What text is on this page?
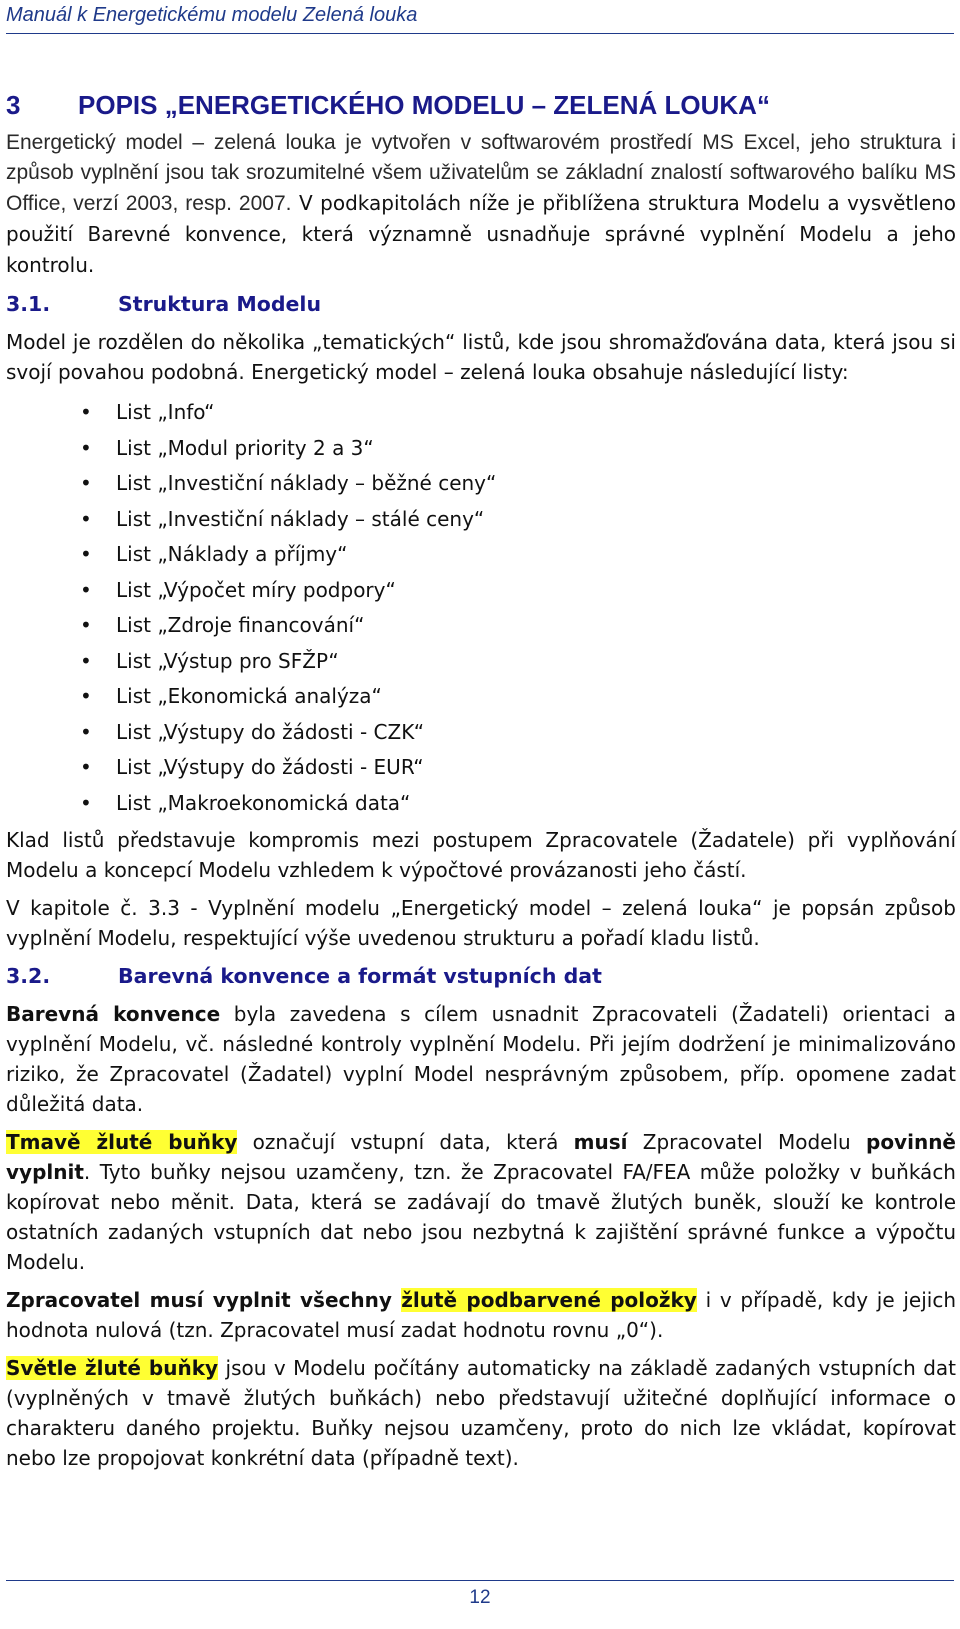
Manuál k Energetickému modelu Zelená louka
3 POPIS „ENERGETICKÉHO MODELU – ZELENÁ LOUKA“

Energetický model – zelená louka je vytvořen v softwarovém prostředí MS Excel, jeho struktura i způsob vyplnění jsou tak srozumitelné všem uživatelům se základní znalostí softwarového balíku MS Office, verzí 2003, resp. 2007. V podkapitolách níže je přiblížena struktura Modelu a vysvětleno použití Barevné konvence, která významně usnadňuje správné vyplnění Modelu a jeho kontrolu.

3.1.	Struktura Modelu

Model je rozdělen do několika „tematických“ listů, kde jsou shromažďována data, která jsou si svojí povahou podobná. Energetický model – zelená louka obsahuje následující listy:

• List „Info“
• List „Modul priority 2 a 3“
• List „Investiční náklady – běžné ceny“
• List „Investiční náklady – stálé ceny“
• List „Náklady a příjmy“
• List „Výpočet míry podpory“
• List „Zdroje financování“
• List „Výstup pro SFŽP“
• List „Ekonomická analýza“
• List „Výstupy do žádosti - CZK“
• List „Výstupy do žádosti - EUR“
• List „Makroekonomická data“

Klad listů představuje kompromis mezi postupem Zpracovatele (Žadatele) při vyplňování Modelu a koncepcí Modelu vzhledem k výpočtové provázanosti jeho částí.

V kapitole č. 3.3 - Vyplnění modelu „Energetický model – zelená louka“ je popsán způsob vyplnění Modelu, respektující výše uvedenou strukturu a pořadí kladu listů.

3.2.	Barevná konvence a formát vstupních dat

Barevná konvence byla zavedena s cílem usnadnit Zpracovateli (Žadateli) orientaci a vyplnění Modelu, vč. následné kontroly vyplnění Modelu. Při jejím dodržení je minimalizováno riziko, že Zpracovatel (Žadatel) vyplní Model nesprávným způsobem, příp. opomene zadat důležitá data.

Tmavě žluté buňky označují vstupní data, která musí Zpracovatel Modelu povinně vyplnit. Tyto buňky nejsou uzamčeny, tzn. že Zpracovatel FA/FEA může položky v buňkách kopírovat nebo měnit. Data, která se zadávají do tmavě žlutých buněk, slouží ke kontrole ostatních zadaných vstupních dat nebo jsou nezbytná k zajištění správné funkce a výpočtu Modelu.

Zpracovatel musí vyplnit všechny žlutě podbarvené položky i v případě, kdy je jejich hodnota nulová (tzn. Zpracovatel musí zadat hodnotu rovnu „0“).

Světle žluté buňky jsou v Modelu počítány automaticky na základě zadaných vstupních dat (vyplněných v tmavě žlutých buňkách) nebo představují užitečné doplňující informace o charakteru daného projektu. Buňky nejsou uzamčeny, proto do nich lze vkládat, kopírovat nebo lze propojovat konkrétní data (případně text).

12
